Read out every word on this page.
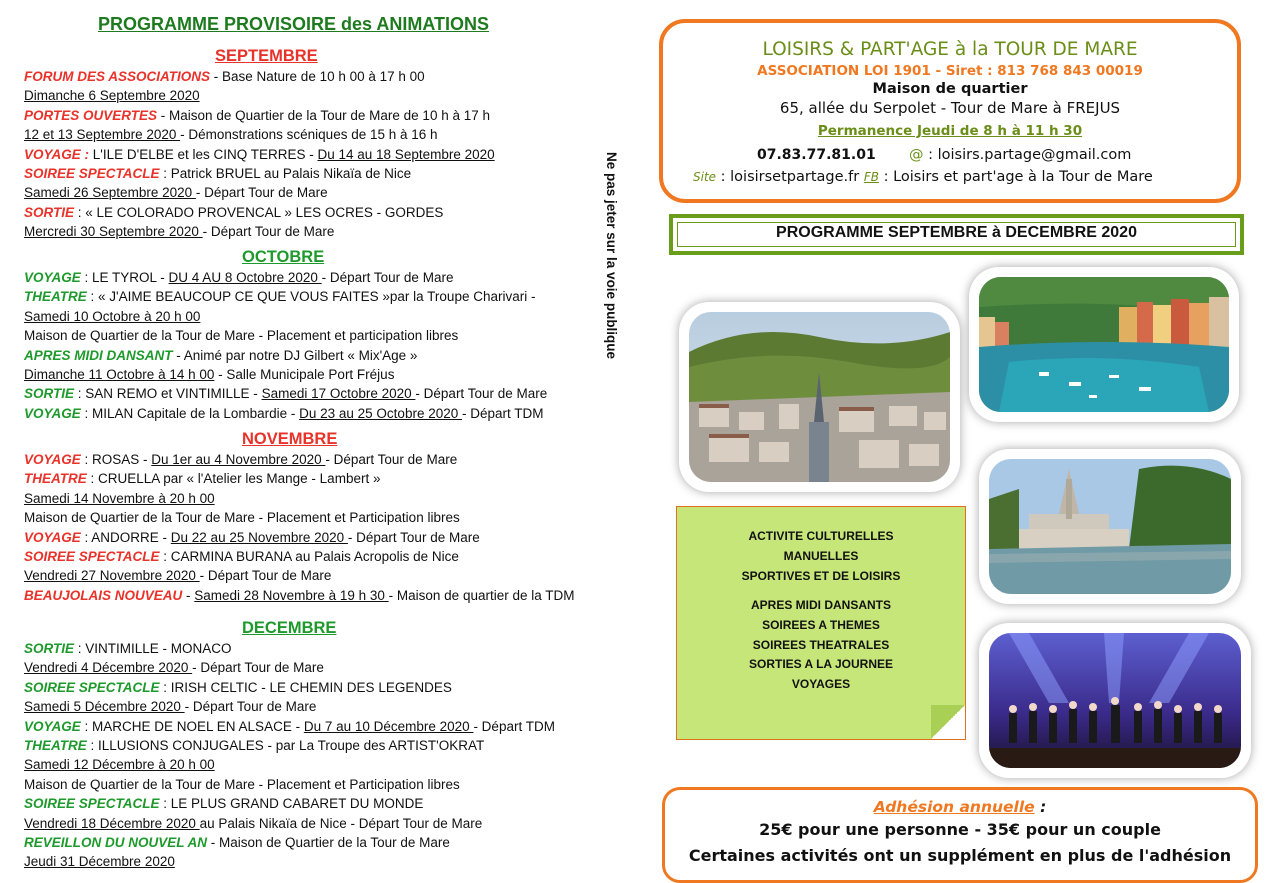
PROGRAMME PROVISOIRE des ANIMATIONS
SEPTEMBRE
FORUM DES ASSOCIATIONS - Base Nature de 10 h 00 à 17 h 00
Dimanche 6 Septembre 2020
PORTES OUVERTES - Maison de Quartier de la Tour de Mare de 10 h à 17 h
12 et 13 Septembre 2020 - Démonstrations scéniques de 15 h à 16 h
VOYAGE : L'ILE D'ELBE et les CINQ TERRES - Du 14 au 18 Septembre 2020
SOIREE SPECTACLE : Patrick BRUEL au Palais Nikaïa de Nice
Samedi 26 Septembre 2020 - Départ Tour de Mare
SORTIE : « LE COLORADO PROVENCAL » LES OCRES - GORDES
Mercredi 30 Septembre 2020 - Départ Tour de Mare
OCTOBRE
VOYAGE : LE TYROL - DU 4 AU 8 Octobre 2020 - Départ Tour de Mare
THEATRE : « J'AIME BEAUCOUP CE QUE VOUS FAITES »par la Troupe Charivari -
Samedi 10 Octobre à 20 h 00
Maison de Quartier de la Tour de Mare - Placement et participation libres
APRES MIDI DANSANT - Animé par notre DJ Gilbert « Mix'Age »
Dimanche 11 Octobre à 14 h 00 - Salle Municipale Port Fréjus
SORTIE : SAN REMO et VINTIMILLE - Samedi 17 Octobre 2020 - Départ Tour de Mare
VOYAGE : MILAN Capitale de la Lombardie - Du 23 au 25 Octobre 2020 - Départ TDM
NOVEMBRE
VOYAGE : ROSAS - Du 1er au 4 Novembre 2020 - Départ Tour de Mare
THEATRE : CRUELLA par « l'Atelier les Mange - Lambert »
Samedi 14 Novembre à 20 h 00
Maison de Quartier de la Tour de Mare - Placement et Participation libres
VOYAGE : ANDORRE - Du 22 au 25 Novembre 2020 - Départ Tour de Mare
SOIREE SPECTACLE : CARMINA BURANA au Palais Acropolis de Nice
Vendredi 27 Novembre 2020 - Départ Tour de Mare
BEAUJOLAIS NOUVEAU - Samedi 28 Novembre à 19 h 30 - Maison de quartier de la TDM
DECEMBRE
SORTIE : VINTIMILLE - MONACO
Vendredi 4 Décembre 2020 - Départ Tour de Mare
SOIREE SPECTACLE : IRISH CELTIC - LE CHEMIN DES LEGENDES
Samedi 5 Décembre 2020 - Départ Tour de Mare
VOYAGE : MARCHE DE NOEL EN ALSACE - Du 7 au 10 Décembre 2020 - Départ TDM
THEATRE : ILLUSIONS CONJUGALES - par La Troupe des ARTIST'OKRAT
Samedi 12 Décembre à 20 h 00
Maison de Quartier de la Tour de Mare - Placement et Participation libres
SOIREE SPECTACLE : LE PLUS GRAND CABARET DU MONDE
Vendredi 18 Décembre 2020 au Palais Nikaïa de Nice - Départ Tour de Mare
REVEILLON DU NOUVEL AN - Maison de Quartier de la Tour de Mare
Jeudi 31 Décembre 2020
Ne pas jeter sur la voie publique
LOISIRS & PART'AGE à la TOUR DE MARE
ASSOCIATION LOI 1901 - Siret : 813 768 843 00019
Maison de quartier
65, allée du Serpolet - Tour de Mare à FREJUS
Permanence Jeudi de 8 h à 11 h 30
07.83.77.81.01 @ : loisirs.partage@gmail.com
Site : loisirsetpartage.fr FB : Loisirs et part'age à la Tour de Mare
PROGRAMME SEPTEMBRE à DECEMBRE 2020
ACTIVITE CULTURELLES
MANUELLES
SPORTIVES ET DE LOISIRS
APRES MIDI DANSANTS
SOIREES A THEMES
SOIREES THEATRALES
SORTIES A LA JOURNEE
VOYAGES
Adhésion annuelle :
25€ pour une personne - 35€ pour un couple
Certaines activités ont un supplément en plus de l'adhésion
